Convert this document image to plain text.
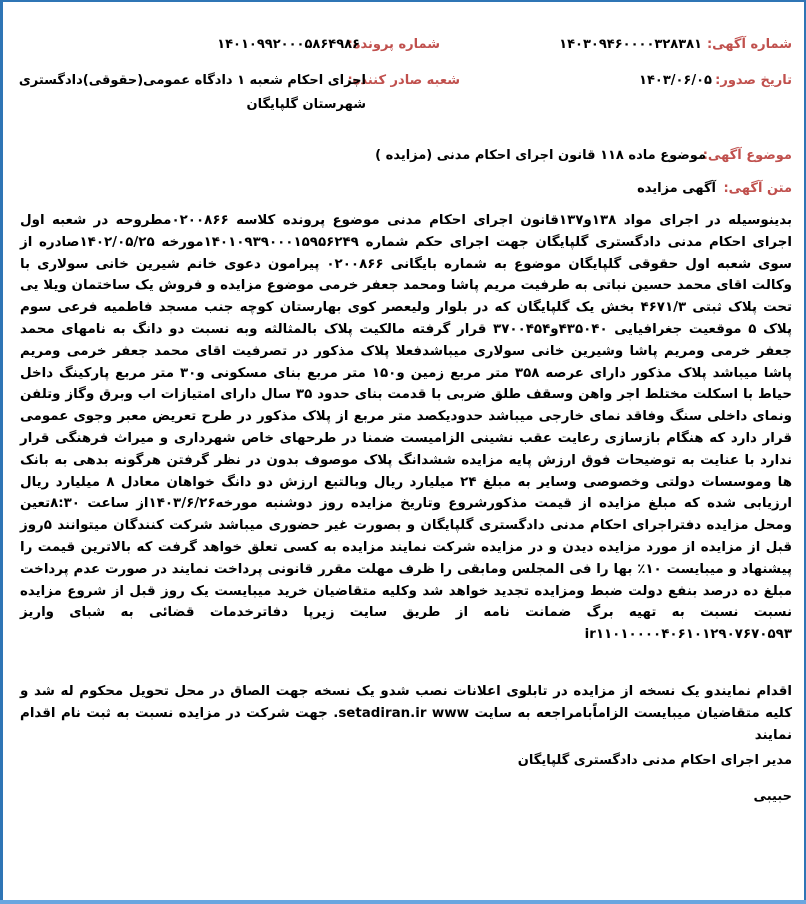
شماره آگهی:
۱۴۰۳۰۹۴۶۰۰۰۰۳۲۸۳۸۱
شماره پرونده:
۱۴۰۱۰۹۹۲۰۰۰۵۸۶۴۹۸۶
تاریخ صدور:
۱۴۰۳/۰۶/۰۵
شعبه صادر کننده:
اجرای احکام شعبه ۱ دادگاه عمومی(حقوقی)دادگستری
شهرستان گلپایگان
موضوع آگهی:
موضوع ماده ۱۱۸ قانون اجرای احکام مدنی (مزایده )
متن آگهی:
آگهی مزایده
بدینوسیله در اجرای مواد ۱۳۸و۱۳۷قانون اجرای احکام مدنی موضوع پرونده کلاسه ۰۲۰۰۸۶۶مطروحه در شعبه اول اجرای احکام مدنی دادگستری گلپایگان جهت اجرای حکم شماره ۱۴۰۱۰۹۳۹۰۰۰۱۵۹۵۶۲۴۹مورخه ۱۴۰۲/۰۵/۲۵صادره از سوی شعبه اول حقوقی گلپایگان موضوع به شماره بایگانی ۰۲۰۰۸۶۶ پیرامون دعوی خانم شیرین خانی سولاری با وکالت اقای محمد حسین نباتی به طرفیت مریم پاشا ومحمد جعفر خرمی موضوع مزایده و فروش یک ساختمان ویلا یی تحت پلاک ثبتی ۴۶۷۱/۳ بخش یک گلپایگان که در بلوار ولیعصر کوی بهارستان کوچه جنب مسجد فاطمیه فرعی سوم پلاک ۵ موقعیت جغرافیایی ۴۳۵۰۴۰و۳۷۰۰۴۵۴ قرار گرفته مالکیت پلاک بالمثالثه وبه نسبت دو دانگ به نامهای محمد جعفر خرمی ومریم پاشا وشیرین خانی سولاری میباشدفعلا پلاک مذکور در تصرفیت اقای محمد جعفر خرمی ومریم پاشا میباشد پلاک مذکور دارای عرصه ۳۵۸ متر مربع زمین و۱۵۰ متر مربع بنای مسکونی و۳۰ متر مربع پارکینگ داخل حیاط با اسکلت مختلط اجر واهن وسقف طلق ضربی با قدمت بنای حدود ۳۵ سال دارای امتیازات اب وبرق وگاز وتلفن ونمای داخلی سنگ وفاقد نمای خارجی میباشد حدودیکصد متر مربع از پلاک مذکور در طرح تعریض معبر وجوی عمومی قرار دارد که هنگام بازسازی رعایت عقب نشینی الزامیست ضمنا در طرحهای خاص شهرداری و میراث فرهنگی قرار ندارد با عنایت به توضیحات فوق ارزش پایه مزایده ششدانگ پلاک موصوف بدون در نظر گرفتن هرگونه بدهی به بانک ها وموسسات دولتی وخصوصی وسایر به مبلغ ۲۴ میلیارد ریال وبالتبع ارزش دو دانگ خواهان معادل ۸ میلیارد ریال ارزیابی شده که مبلغ مزایده از قیمت مذکورشروع وتاریخ مزایده روز دوشنبه مورخه۱۴۰۳/۶/۲۶از ساعت ۸:۳۰تعین ومحل مزایده دفتراجرای احکام مدنی دادگستری گلپایگان و بصورت غیر حضوری میباشد شرکت کنندگان میتوانند ۵روز قبل از مزایده از مورد مزایده دیدن و در مزایده شرکت نمایند مزایده به کسی تعلق خواهد گرفت که بالاترین قیمت را پیشنهاد و میبایست ۱۰٪ بها را فی المجلس ومابقی را ظرف مهلت مقرر قانونی پرداخت نمایند در صورت عدم پرداخت مبلغ ده درصد بنفع دولت ضبط ومزایده تجدید خواهد شد وکلیه متقاضیان خرید میبایست یک روز قبل از شروع مزایده نسبت نسبت به تهیه برگ ضمانت نامه از طریق سایت زیرپا دفاترخدمات قضائی به شبای واریز ir۱۱۰۱۰۰۰۰۴۰۶۱۰۱۲۹۰۷۶۷۰۵۹۳
اقدام نمایندو یک نسخه از مزایده در تابلوی اعلانات نصب شدو یک نسخه جهت الصاق در محل تحویل محکوم له شد و کلیه متقاضیان میبایست الزاماًبامراجعه به سایت setadiran.ir www. جهت شرکت در مزایده نسبت به ثبت نام اقدام نمایند
مدیر اجرای احکام مدنی دادگستری گلپایگان
حبیبی
